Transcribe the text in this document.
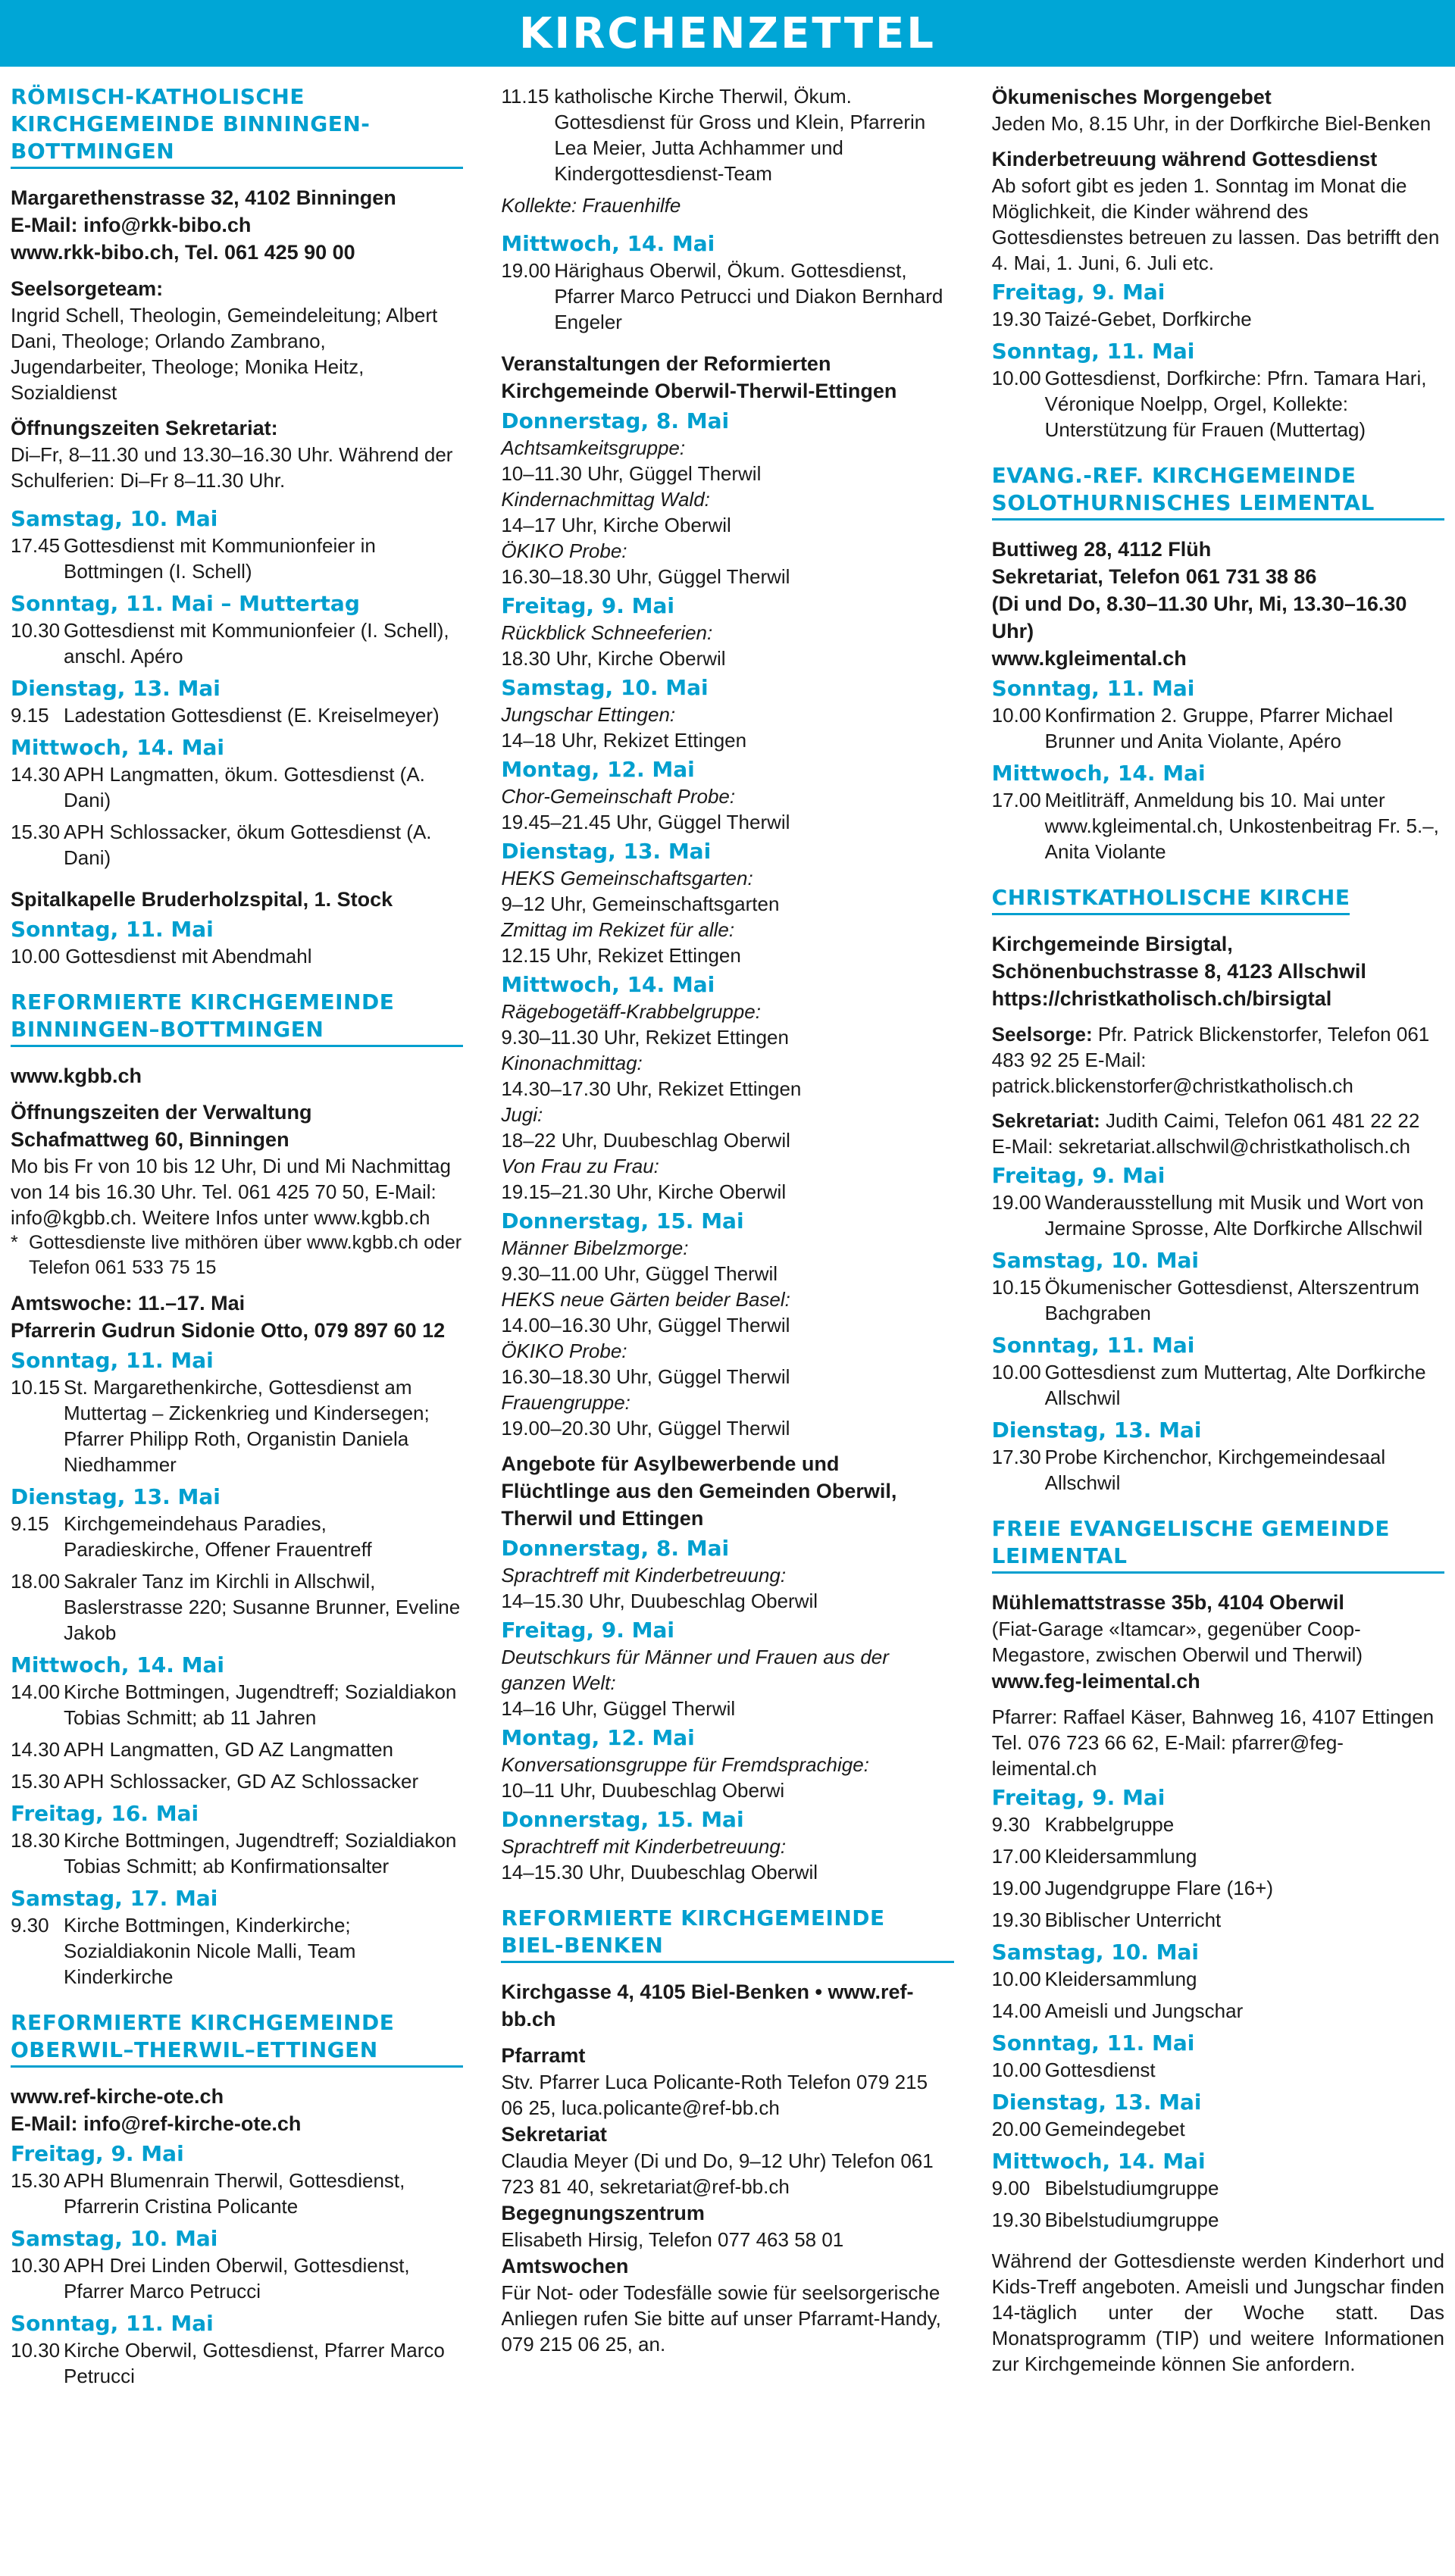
KIRCHENZETTEL
RÖMISCH-KATHOLISCHE KIRCHGEMEINDE BINNINGEN-BOTTMINGEN
Margarethenstrasse 32, 4102 Binningen
E-Mail: info@rkk-bibo.ch
www.rkk-bibo.ch, Tel. 061 425 90 00
Seelsorgeteam:
Ingrid Schell, Theologin, Gemeindeleitung; Albert Dani, Theologe; Orlando Zambrano, Jugendarbeiter, Theologe; Monika Heitz, Sozialdienst
Öffnungszeiten Sekretariat:
Di–Fr, 8–11.30 und 13.30–16.30 Uhr. Während der Schulferien: Di–Fr 8–11.30 Uhr.
Samstag, 10. Mai
17.45 Gottesdienst mit Kommunionfeier in Bottmingen (I. Schell)
Sonntag, 11. Mai – Muttertag
10.30 Gottesdienst mit Kommunionfeier (I. Schell), anschl. Apéro
Dienstag, 13. Mai
9.15 Ladestation Gottesdienst (E. Kreiselmeyer)
Mittwoch, 14. Mai
14.30 APH Langmatten, ökum. Gottesdienst (A. Dani)
15.30 APH Schlossacker, ökum Gottesdienst (A. Dani)
Spitalkapelle Bruderholzspital, 1. Stock
Sonntag, 11. Mai
10.00 Gottesdienst mit Abendmahl
REFORMIERTE KIRCHGEMEINDE BINNINGEN–BOTTMINGEN
www.kgbb.ch
Öffnungszeiten der Verwaltung
Schafmattweg 60, Binningen
Mo bis Fr von 10 bis 12 Uhr, Di und Mi Nachmittag von 14 bis 16.30 Uhr. Tel. 061 425 70 50, E-Mail: info@kgbb.ch. Weitere Infos unter www.kgbb.ch
* Gottesdienste live mithören über www.kgbb.ch oder Telefon 061 533 75 15
Amtswoche: 11.–17. Mai
Pfarrerin Gudrun Sidonie Otto, 079 897 60 12
Sonntag, 11. Mai
10.15 St. Margarethenkirche, Gottesdienst am Muttertag – Zickenkrieg und Kindersegen; Pfarrer Philipp Roth, Organistin Daniela Niedhammer
Dienstag, 13. Mai
9.15 Kirchgemeindehaus Paradies, Paradieskirche, Offener Frauentreff
18.00 Sakraler Tanz im Kirchli in Allschwil, Baslerstrasse 220; Susanne Brunner, Eveline Jakob
Mittwoch, 14. Mai
14.00 Kirche Bottmingen, Jugendtreff; Sozialdiakon Tobias Schmitt; ab 11 Jahren
14.30 APH Langmatten, GD AZ Langmatten
15.30 APH Schlossacker, GD AZ Schlossacker
Freitag, 16. Mai
18.30 Kirche Bottmingen, Jugendtreff; Sozialdiakon Tobias Schmitt; ab Konfirmationsalter
Samstag, 17. Mai
9.30 Kirche Bottmingen, Kinderkirche; Sozialdiakonin Nicole Malli, Team Kinderkirche
REFORMIERTE KIRCHGEMEINDE OBERWIL–THERWIL–ETTINGEN
www.ref-kirche-ote.ch
E-Mail: info@ref-kirche-ote.ch
Freitag, 9. Mai
15.30 APH Blumenrain Therwil, Gottesdienst, Pfarrerin Cristina Policante
Samstag, 10. Mai
10.30 APH Drei Linden Oberwil, Gottesdienst, Pfarrer Marco Petrucci
Sonntag, 11. Mai
10.30 Kirche Oberwil, Gottesdienst, Pfarrer Marco Petrucci
11.15 katholische Kirche Therwil, Ökum. Gottesdienst für Gross und Klein, Pfarrerin Lea Meier, Jutta Achhammer und Kindergottesdienst-Team
Kollekte: Frauenhilfe
Mittwoch, 14. Mai
19.00 Härighaus Oberwil, Ökum. Gottesdienst, Pfarrer Marco Petrucci und Diakon Bernhard Engeler
Veranstaltungen der Reformierten Kirchgemeinde Oberwil-Therwil-Ettingen
Donnerstag, 8. Mai
Achtsamkeitsgruppe:
10–11.30 Uhr, Güggel Therwil
Kindernachmittag Wald:
14–17 Uhr, Kirche Oberwil
ÖKIKO Probe:
16.30–18.30 Uhr, Güggel Therwil
Freitag, 9. Mai
Rückblick Schneeferien:
18.30 Uhr, Kirche Oberwil
Samstag, 10. Mai
Jungschar Ettingen:
14–18 Uhr, Rekizet Ettingen
Montag, 12. Mai
Chor-Gemeinschaft Probe:
19.45–21.45 Uhr, Güggel Therwil
Dienstag, 13. Mai
HEKS Gemeinschaftsgarten:
9–12 Uhr, Gemeinschaftsgarten
Zmittag im Rekizet für alle:
12.15 Uhr, Rekizet Ettingen
Mittwoch, 14. Mai
Rägebogetäff-Krabbelgruppe:
9.30–11.30 Uhr, Rekizet Ettingen
Kinonachmittag:
14.30–17.30 Uhr, Rekizet Ettingen
Jugi:
18–22 Uhr, Duubeschlag Oberwil
Von Frau zu Frau:
19.15–21.30 Uhr, Kirche Oberwil
Donnerstag, 15. Mai
Männer Bibelzmorge:
9.30–11.00 Uhr, Güggel Therwil
HEKS neue Gärten beider Basel:
14.00–16.30 Uhr, Güggel Therwil
ÖKIKO Probe:
16.30–18.30 Uhr, Güggel Therwil
Frauengruppe:
19.00–20.30 Uhr, Güggel Therwil
Angebote für Asylbewerbende und Flüchtlinge aus den Gemeinden Oberwil, Therwil und Ettingen
Donnerstag, 8. Mai
Sprachtreff mit Kinderbetreuung:
14–15.30 Uhr, Duubeschlag Oberwil
Freitag, 9. Mai
Deutschkurs für Männer und Frauen aus der ganzen Welt:
14–16 Uhr, Güggel Therwil
Montag, 12. Mai
Konversationsgruppe für Fremdsprachige:
10–11 Uhr, Duubeschlag Oberwi
Donnerstag, 15. Mai
Sprachtreff mit Kinderbetreuung:
14–15.30 Uhr, Duubeschlag Oberwil
REFORMIERTE KIRCHGEMEINDE BIEL-BENKEN
Kirchgasse 4, 4105 Biel-Benken • www.ref-bb.ch
Pfarramt
Stv. Pfarrer Luca Policante-Roth Telefon 079 215 06 25, luca.policante@ref-bb.ch
Sekretariat
Claudia Meyer (Di und Do, 9–12 Uhr) Telefon 061 723 81 40, sekretariat@ref-bb.ch
Begegnungszentrum
Elisabeth Hirsig, Telefon 077 463 58 01
Amtswochen
Für Not- oder Todesfälle sowie für seelsorgerische Anliegen rufen Sie bitte auf unser Pfarramt-Handy, 079 215 06 25, an.
Ökumenisches Morgengebet
Jeden Mo, 8.15 Uhr, in der Dorfkirche Biel-Benken
Kinderbetreuung während Gottesdienst
Ab sofort gibt es jeden 1. Sonntag im Monat die Möglichkeit, die Kinder während des Gottesdienstes betreuen zu lassen. Das betrifft den 4. Mai, 1. Juni, 6. Juli etc.
Freitag, 9. Mai
19.30 Taizé-Gebet, Dorfkirche
Sonntag, 11. Mai
10.00 Gottesdienst, Dorfkirche: Pfrn. Tamara Hari, Véronique Noelpp, Orgel, Kollekte: Unterstützung für Frauen (Muttertag)
EVANG.-REF. KIRCHGEMEINDE SOLOTHURNISCHES LEIMENTAL
Buttiweg 28, 4112 Flüh
Sekretariat, Telefon 061 731 38 86
(Di und Do, 8.30–11.30 Uhr, Mi, 13.30–16.30 Uhr)
www.kgleimental.ch
Sonntag, 11. Mai
10.00 Konfirmation 2. Gruppe, Pfarrer Michael Brunner und Anita Violante, Apéro
Mittwoch, 14. Mai
17.00 Meitliträff, Anmeldung bis 10. Mai unter www.kgleimental.ch, Unkostenbeitrag Fr. 5.–, Anita Violante
CHRISTKATHOLISCHE KIRCHE
Kirchgemeinde Birsigtal,
Schönenbuchstrasse 8, 4123 Allschwil
https://christkatholisch.ch/birsigtal
Seelsorge: Pfr. Patrick Blickenstorfer, Telefon 061 483 92 25 E-Mail: patrick.blickenstorfer@christkatholisch.ch
Sekretariat: Judith Caimi, Telefon 061 481 22 22 E-Mail: sekretariat.allschwil@christkatholisch.ch
Freitag, 9. Mai
19.00 Wanderausstellung mit Musik und Wort von Jermaine Sprosse, Alte Dorfkirche Allschwil
Samstag, 10. Mai
10.15 Ökumenischer Gottesdienst, Alterszentrum Bachgraben
Sonntag, 11. Mai
10.00 Gottesdienst zum Muttertag, Alte Dorfkirche Allschwil
Dienstag, 13. Mai
17.30 Probe Kirchenchor, Kirchgemeindesaal Allschwil
FREIE EVANGELISCHE GEMEINDE LEIMENTAL
Mühlemattstrasse 35b, 4104 Oberwil
(Fiat-Garage «Itamcar», gegenüber Coop-Megastore, zwischen Oberwil und Therwil)
www.feg-leimental.ch
Pfarrer: Raffael Käser, Bahnweg 16, 4107 Ettingen Tel. 076 723 66 62, E-Mail: pfarrer@feg-leimental.ch
Freitag, 9. Mai
9.30 Krabbelgruppe
17.00 Kleidersammlung
19.00 Jugendgruppe Flare (16+)
19.30 Biblischer Unterricht
Samstag, 10. Mai
10.00 Kleidersammlung
14.00 Ameisli und Jungschar
Sonntag, 11. Mai
10.00 Gottesdienst
Dienstag, 13. Mai
20.00 Gemeindegebet
Mittwoch, 14. Mai
9.00 Bibelstudiumgruppe
19.30 Bibelstudiumgruppe
Während der Gottesdienste werden Kinderhort und Kids-Treff angeboten. Ameisli und Jungschar finden 14-täglich unter der Woche statt. Das Monatsprogramm (TIP) und weitere Informationen zur Kirchgemeinde können Sie anfordern.
